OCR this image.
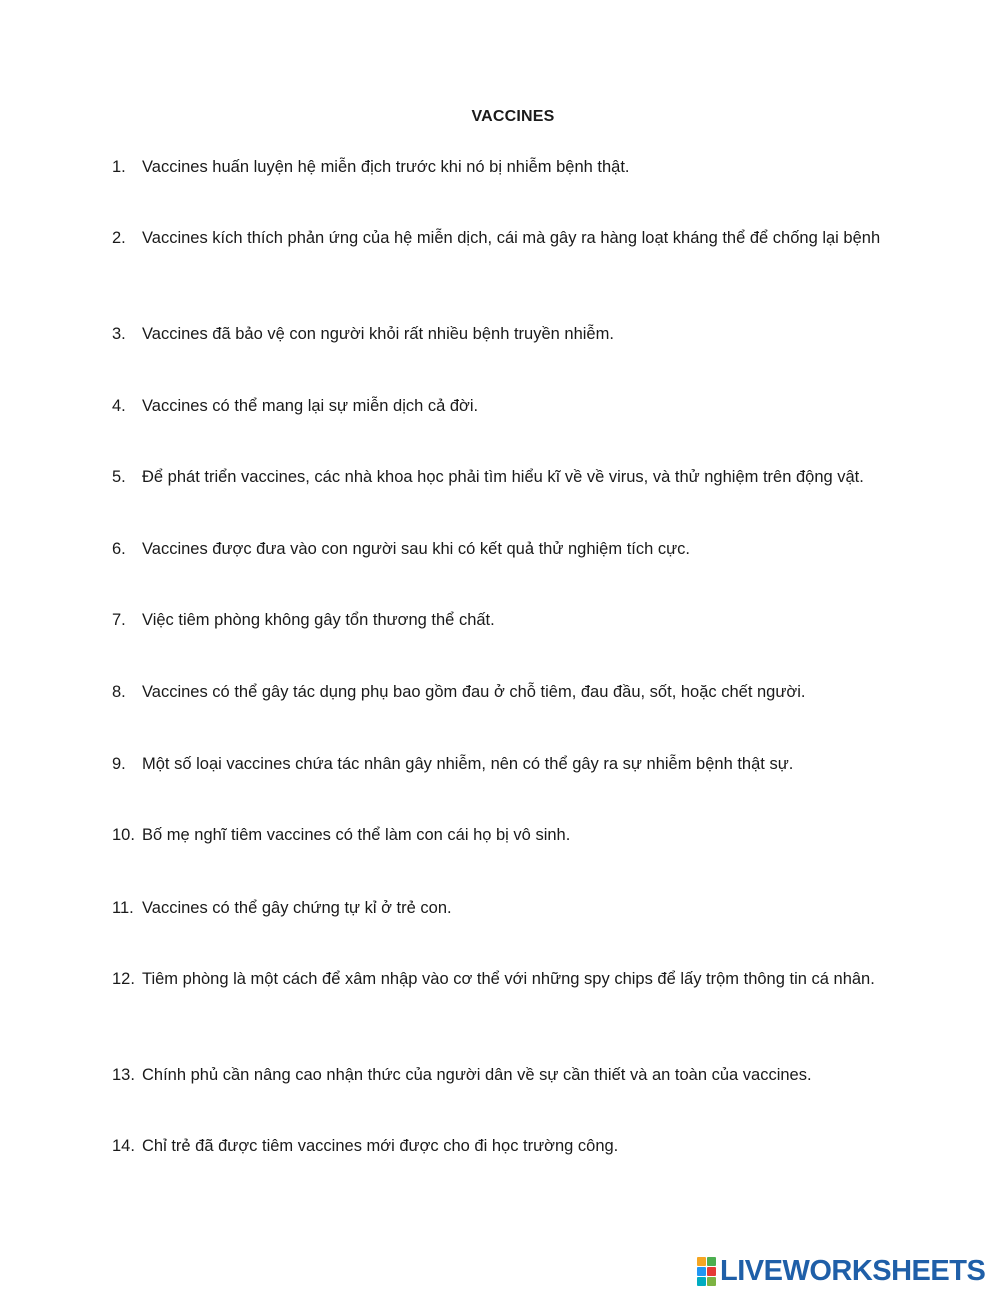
VACCINES
1. Vaccines huấn luyện hệ miễn địch trước khi nó bị nhiễm bệnh thật.
2. Vaccines kích thích phản ứng của hệ miễn dịch, cái mà gây ra hàng loạt kháng thể để chống lại bệnh
3. Vaccines đã bảo vệ con người khỏi rất nhiều bệnh truyền nhiễm.
4. Vaccines có thể mang lại sự miễn dịch cả đời.
5. Để phát triển vaccines, các nhà khoa học phải tìm hiểu kĩ về về virus, và thử nghiệm trên động vật.
6. Vaccines được đưa vào con người sau khi có kết quả thử nghiệm tích cực.
7. Việc tiêm phòng không gây tổn thương thể chất.
8. Vaccines có thể gây tác dụng phụ bao gồm đau ở chỗ tiêm, đau đầu, sốt, hoặc chết người.
9. Một số loại vaccines chứa tác nhân gây nhiễm, nên có thể gây ra sự nhiễm bệnh thật sự.
10. Bố mẹ nghĩ tiêm vaccines có thể làm con cái họ bị vô sinh.
11. Vaccines có thể gây chứng tự kỉ ở trẻ con.
12. Tiêm phòng là một cách để xâm nhập vào cơ thể với những spy chips để lấy trộm thông tin cá nhân.
13. Chính phủ cần nâng cao nhận thức của người dân về sự cần thiết và an toàn của vaccines.
14. Chỉ trẻ đã được tiêm vaccines mới được cho đi học trường công.
LIVEWORKSHEETS
